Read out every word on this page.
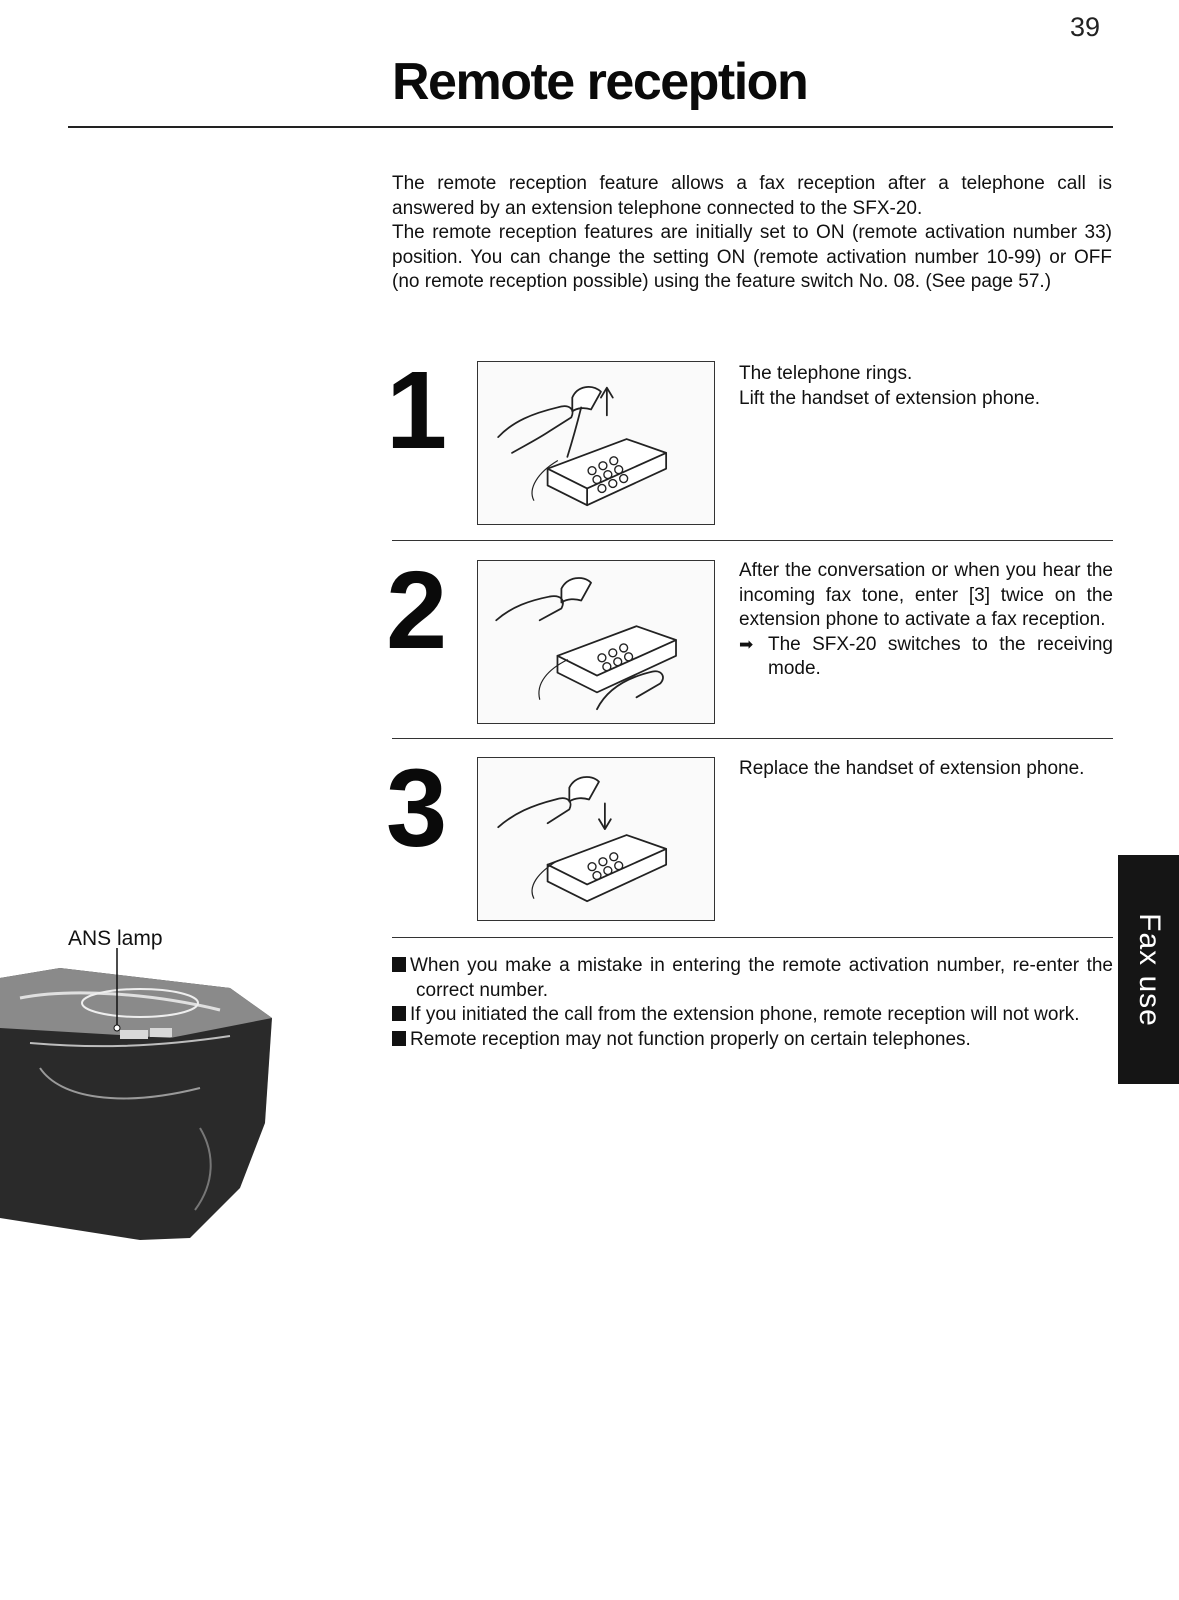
39
Remote reception

The remote reception feature allows a fax reception after a telephone call is answered by an extension telephone connected to the SFX-20.

The remote reception features are initially set to ON (remote activation number 33) position. You can change the setting ON (remote activation number 10-99) or OFF (no remote reception possible) using the feature switch No. 08. (See page 57.)

1	The telephone rings.
Lift the handset of extension phone.
2	After the conversation or when you hear the incoming fax tone, enter [3] twice on the extension phone to activate a fax reception.
➡ The SFX-20 switches to the receiving mode.
3	Replace the handset of extension phone.
When you make a mistake in entering the remote activation number, re-enter the correct number.
If you initiated the call from the extension phone, remote reception will not work.
Remote reception may not function properly on certain telephones.
ANS lamp	Fax use
